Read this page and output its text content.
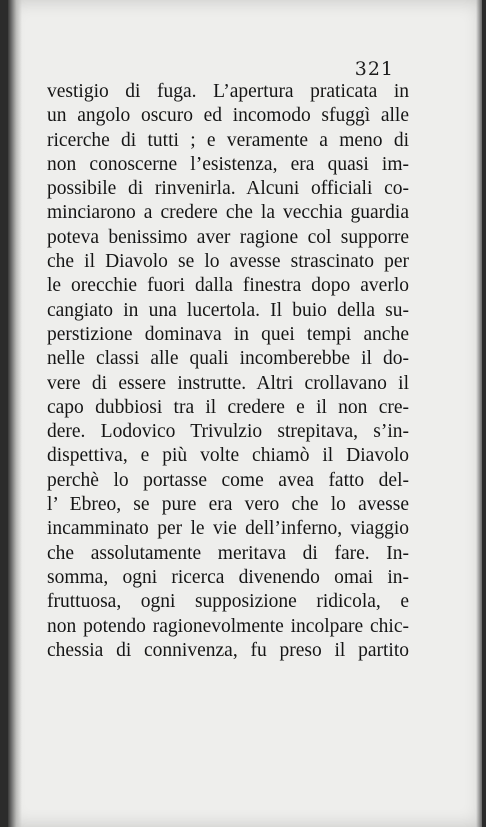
321
vestigio di fuga. L’apertura praticata in
un angolo oscuro ed incomodo sfuggì alle
ricerche di tutti ; e veramente a meno di
non conoscerne l’esistenza, era quasi im-
possibile di rinvenirla. Alcuni officiali co-
minciarono a credere che la vecchia guardia
poteva benissimo aver ragione col supporre
che il Diavolo se lo avesse strascinato per
le orecchie fuori dalla finestra dopo averlo
cangiato in una lucertola. Il buio della su-
perstizione dominava in quei tempi anche
nelle classi alle quali incomberebbe il do-
vere di essere instrutte. Altri crollavano il
capo dubbiosi tra il credere e il non cre-
dere. Lodovico Trivulzio strepitava, s’in-
dispettiva, e più volte chiamò il Diavolo
perchè lo portasse come avea fatto del-
l’ Ebreo, se pure era vero che lo avesse
incamminato per le vie dell’inferno, viaggio
che assolutamente meritava di fare. In-
somma, ogni ricerca divenendo omai in-
fruttuosa, ogni supposizione ridicola, e
non potendo ragionevolmente incolpare chic-
chessia di connivenza, fu preso il partito
